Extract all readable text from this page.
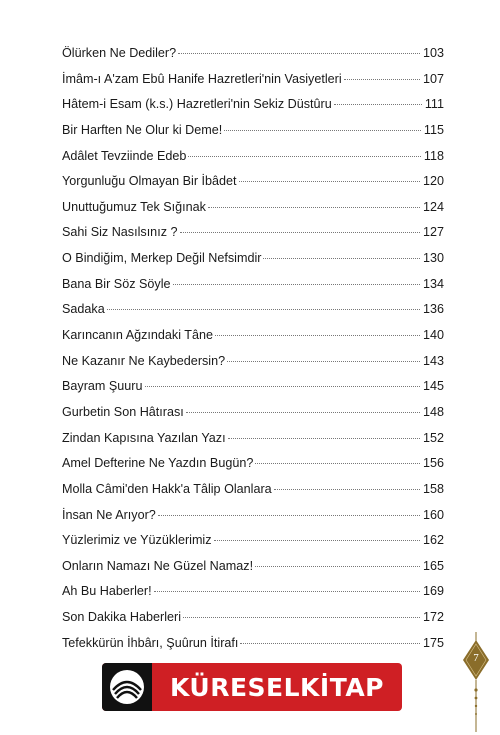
Ölürken Ne Dediler?	103
İmâm-ı A'zam Ebû Hanife Hazretleri'nin Vasiyetleri	107
Hâtem-i Esam (k.s.) Hazretleri'nin Sekiz Düstûru	111
Bir Harften Ne Olur ki Deme!	115
Adâlet Tevziinde Edeb	118
Yorgunluğu Olmayan Bir İbâdet	120
Unuttuğumuz Tek Sığınak	124
Sahi Siz Nasılsınız ?	127
O Bindiğim, Merkep Değil Nefsimdir	130
Bana Bir Söz Söyle	134
Sadaka	136
Karıncanın Ağzındaki Tâne	140
Ne Kazanır Ne Kaybedersin?	143
Bayram Şuuru	145
Gurbetin Son Hâtırası	148
Zindan Kapısına Yazılan Yazı	152
Amel Defterine Ne Yazdın Bugün?	156
Molla Câmi'den Hakk'a Tâlip Olanlara	158
İnsan Ne Arıyor?	160
Yüzlerimiz ve Yüzüklerimiz	162
Onların Namazı Ne Güzel Namaz!	165
Ah Bu Haberler!	169
Son Dakika Haberleri	172
Tefekkürün İhbârı, Şuûrun İtirafı	175
7
KÜRESELKİTAP
